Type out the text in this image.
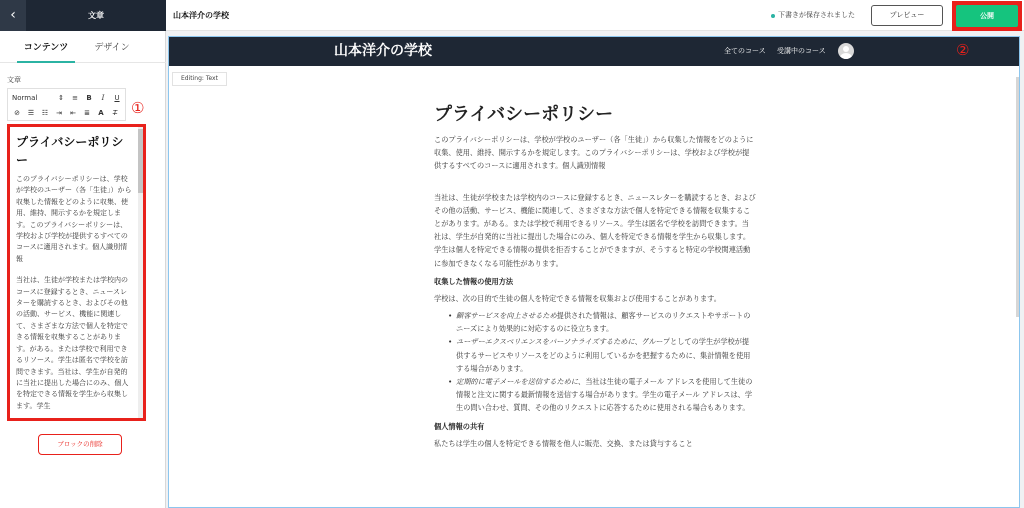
‹	文章
コンテンツ	デザイン
文章
Normal	⇕ ≡	B	I	U
⊘ ☰ ☷ ⇥ ⇤ ≣	A	T̶ ①
プライバシーポリシー
このプライバシーポリシーは、学校が学校のユーザー（各「生徒」）から収集した情報をどのように収集、使用、維持、開示するかを規定します。このプライバシーポリシーは、学校および学校が提供するすべてのコースに適用されます。個人識別情報
当社は、生徒が学校または学校内のコースに登録するとき、ニュースレターを購読するとき、およびその他の活動、サービス、機能に関連して、さまざまな方法で個人を特定できる情報を収集することがあります。がある。または学校で利用できるリソース。学生は匿名で学校を訪問できます。当社は、学生が自発的に当社に提出した場合にのみ、個人を特定できる情報を学生から収集します。学生
ブロックの削除
山本洋介の学校	下書きが保存されました	プレビュー	公開
山本洋介の学校	全てのコース 受講中のコース	②
Editing: Text
プライバシーポリシー
このプライバシーポリシーは、学校が学校のユーザー（各「生徒」）から収集した情報をどのように収集、使用、維持、開示するかを規定します。このプライバシーポリシーは、学校および学校が提供するすべてのコースに適用されます。個人識別情報
当社は、生徒が学校または学校内のコースに登録するとき、ニュースレターを購読するとき、およびその他の活動、サービス、機能に関連して、さまざまな方法で個人を特定できる情報を収集することがあります。がある。または学校で利用できるリソース。学生は匿名で学校を訪問できます。当社は、学生が自発的に当社に提出した場合にのみ、個人を特定できる情報を学生から収集します。学生は個人を特定できる情報の提供を拒否することができますが、そうすると特定の学校関連活動に参加できなくなる可能性があります。
収集した情報の使用方法
学校は、次の目的で生徒の個人を特定できる情報を収集および使用することがあります。
• 顧客サービスを向上させるため提供された情報は、顧客サービスのリクエストやサポートのニーズにより効果的に対応するのに役立ちます。
• ユーザーエクスペリエンスをパーソナライズするために、グループとしての学生が学校が提供するサービスやリソースをどのように利用しているかを把握するために、集計情報を使用する場合があります。
• 定期的に電子メールを送信するために、当社は生徒の電子メール アドレスを使用して生徒の情報と注文に関する最新情報を送信する場合があります。学生の電子メール アドレスは、学生の問い合わせ、質問、その他のリクエストに応答するために使用される場合もあります。
個人情報の共有
私たちは学生の個人を特定できる情報を他人に販売、交換、または貸与すること
